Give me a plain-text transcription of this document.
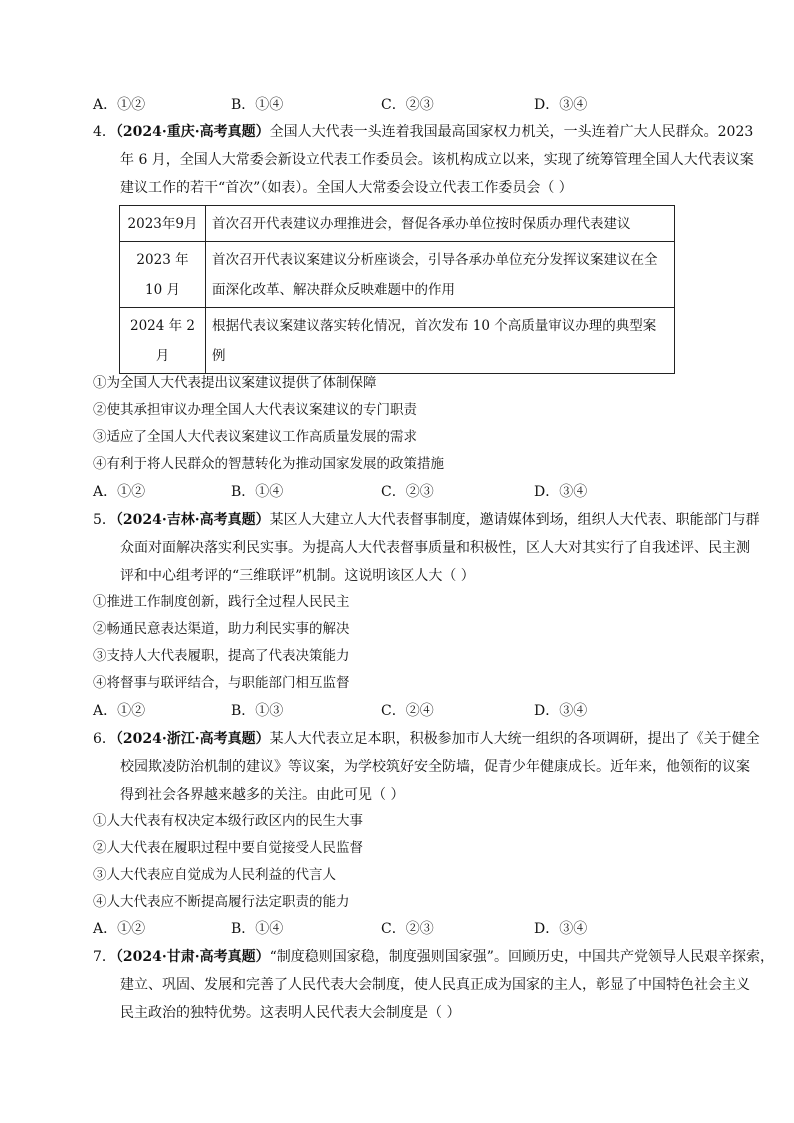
A．①②	B．①④	C．②③	D．③④
4．（2024·重庆·高考真题）全国人大代表一头连着我国最高国家权力机关，一头连着广大人民群众。2023
年 6 月，全国人大常委会新设立代表工作委员会。该机构成立以来，实现了统筹管理全国人大代表议案
建议工作的若干“首次”（如表）。全国人大常委会设立代表工作委员会（ ）
2023年9月	首次召开代表建议办理推进会，督促各承办单位按时保质办理代表建议
2023 年 10 月	首次召开代表议案建议分析座谈会，引导各承办单位充分发挥议案建议在全面深化改革、解决群众反映难题中的作用
2024 年 2 月	根据代表议案建议落实转化情况，首次发布 10 个高质量审议办理的典型案例
①为全国人大代表提出议案建议提供了体制保障
②使其承担审议办理全国人大代表议案建议的专门职责
③适应了全国人大代表议案建议工作高质量发展的需求
④有利于将人民群众的智慧转化为推动国家发展的政策措施
A．①②	B．①④	C．②③	D．③④
5．（2024·吉林·高考真题）某区人大建立人大代表督事制度，邀请媒体到场，组织人大代表、职能部门与群
众面对面解决落实利民实事。为提高人大代表督事质量和积极性，区人大对其实行了自我述评、民主测
评和中心组考评的“三维联评”机制。这说明该区人大（ ）
①推进工作制度创新，践行全过程人民民主
②畅通民意表达渠道，助力利民实事的解决
③支持人大代表履职，提高了代表决策能力
④将督事与联评结合，与职能部门相互监督
A．①②	B．①③	C．②④	D．③④
6．（2024·浙江·高考真题）某人大代表立足本职，积极参加市人大统一组织的各项调研，提出了《关于健全
校园欺凌防治机制的建议》等议案，为学校筑好安全防墙，促青少年健康成长。近年来，他领衔的议案
得到社会各界越来越多的关注。由此可见（ ）
①人大代表有权决定本级行政区内的民生大事
②人大代表在履职过程中要自觉接受人民监督
③人大代表应自觉成为人民利益的代言人
④人大代表应不断提高履行法定职责的能力
A．①②	B．①④	C．②③	D．③④
7．（2024·甘肃·高考真题）“制度稳则国家稳，制度强则国家强”。回顾历史，中国共产党领导人民艰辛探索，
建立、巩固、发展和完善了人民代表大会制度，使人民真正成为国家的主人，彰显了中国特色社会主义
民主政治的独特优势。这表明人民代表大会制度是（ ）
